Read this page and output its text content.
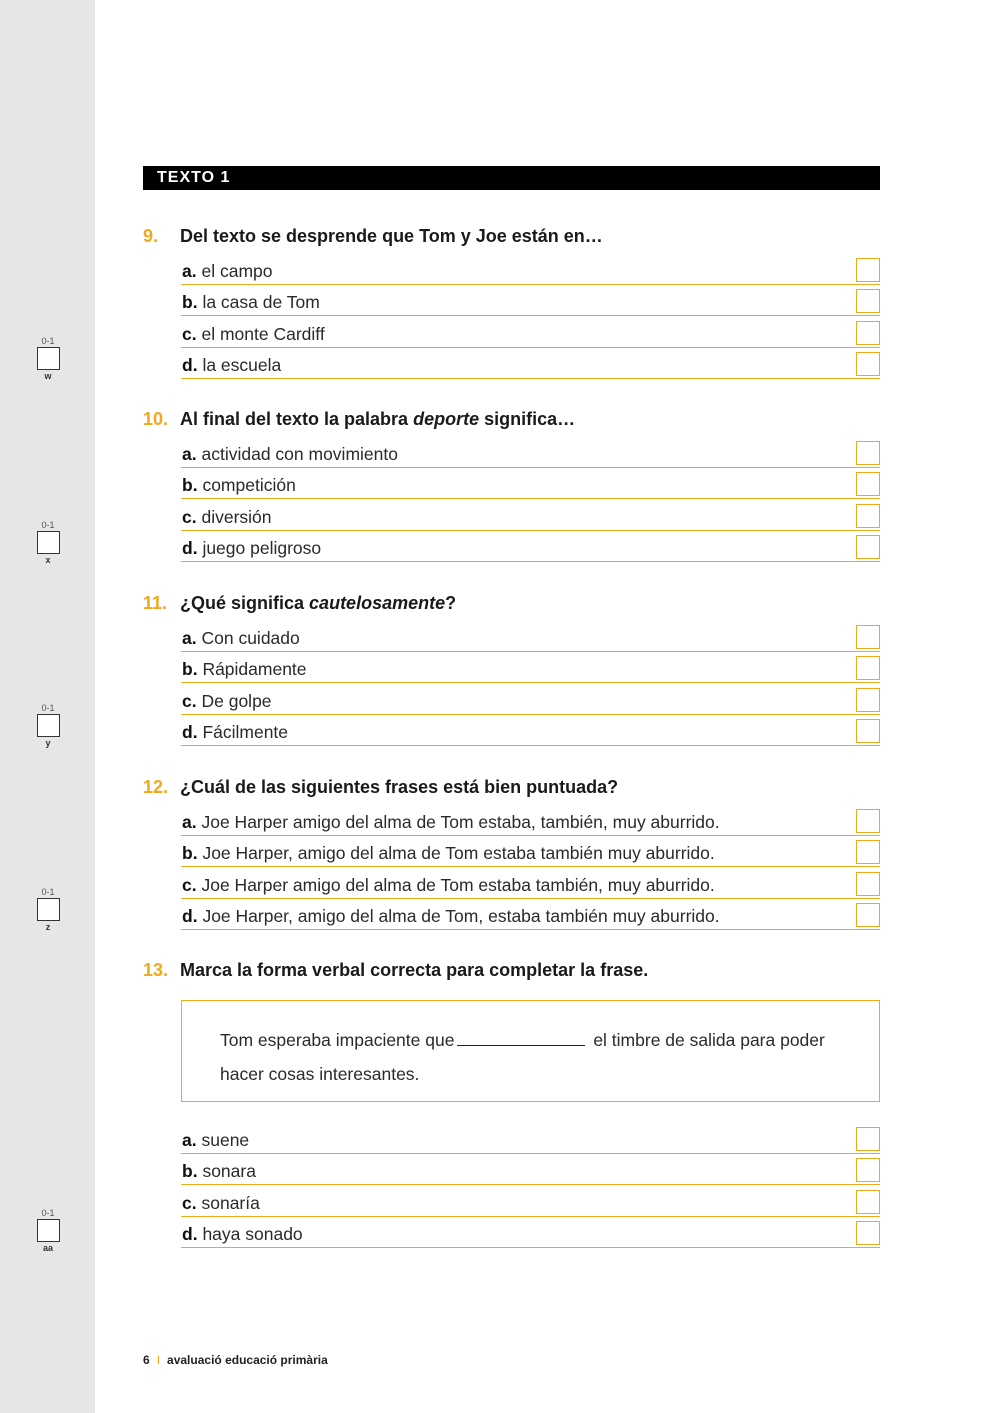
0-1
w
0-1
x
0-1
y
0-1
z
0-1
aa
TEXTO 1
9. Del texto se desprende que Tom y Joe están en…
a. el campo
b. la casa de Tom
c. el monte Cardiff
d. la escuela
10. Al final del texto la palabra deporte significa…
a. actividad con movimiento
b. competición
c. diversión
d. juego peligroso
11. ¿Qué significa cautelosamente?
a. Con cuidado
b. Rápidamente
c. De golpe
d. Fácilmente
12. ¿Cuál de las siguientes frases está bien puntuada?
a. Joe Harper amigo del alma de Tom estaba, también, muy aburrido.
b. Joe Harper, amigo del alma de Tom estaba también muy aburrido.
c. Joe Harper amigo del alma de Tom estaba también, muy aburrido.
d. Joe Harper, amigo del alma de Tom, estaba también muy aburrido.
13. Marca la forma verbal correcta para completar la frase.
Tom esperaba impaciente que	el timbre de salida para poder hacer cosas interesantes.
a. suene
b. sonara
c. sonaría
d. haya sonado
6 I avaluació educació primària
